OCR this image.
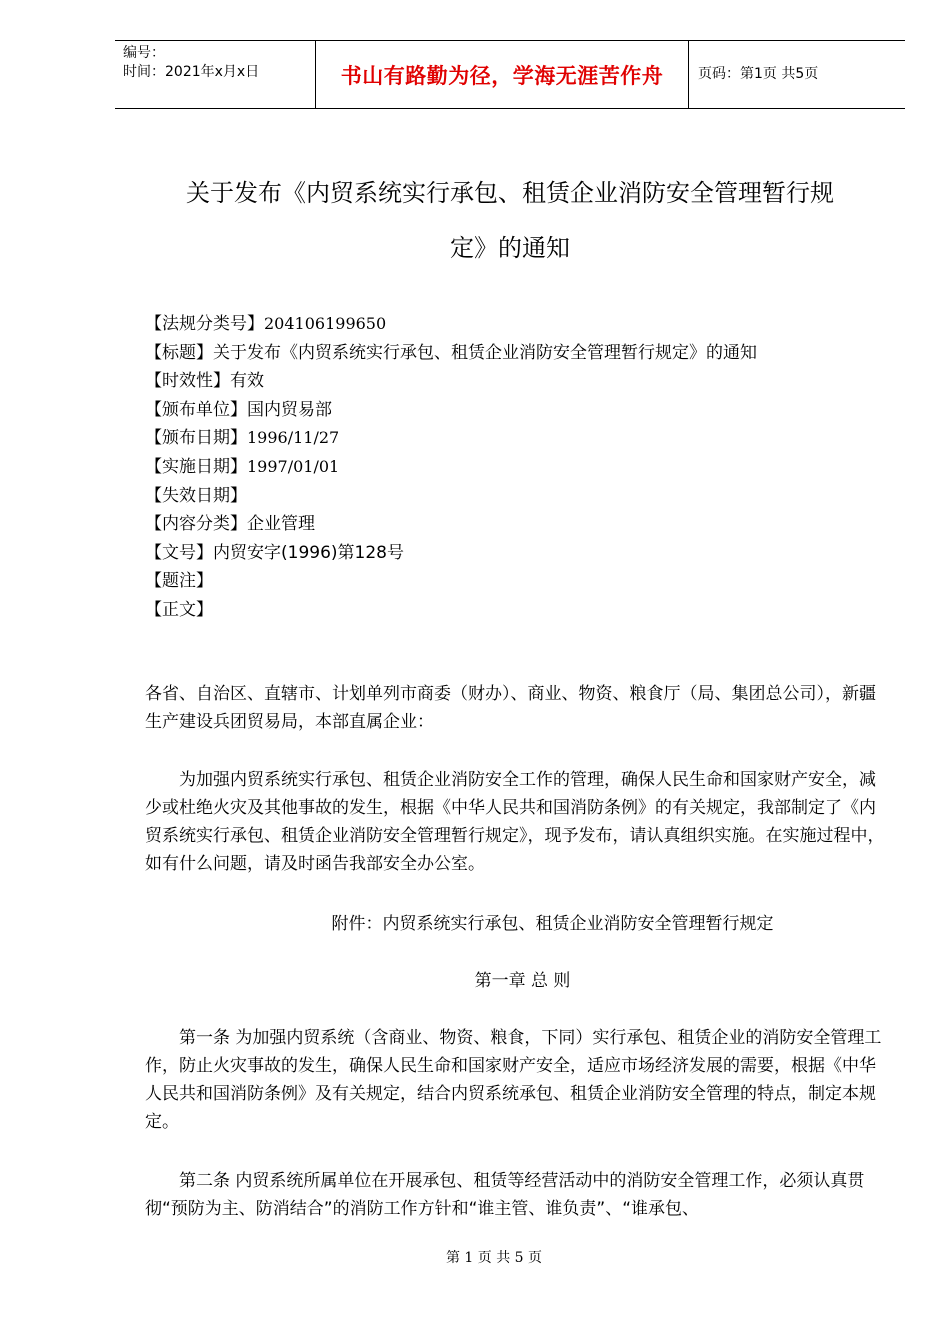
编号：
时间：2021年x月x日	书山有路勤为径，学海无涯苦作舟	页码：第1页 共5页
关于发布《内贸系统实行承包、租赁企业消防安全管理暂行规
定》的通知
【法规分类号】204106199650
【标题】关于发布《内贸系统实行承包、租赁企业消防安全管理暂行规定》的通知
【时效性】有效
【颁布单位】国内贸易部
【颁布日期】1996/11/27
【实施日期】1997/01/01
【失效日期】
【内容分类】企业管理
【文号】内贸安字(1996)第128号
【题注】
【正文】
各省、自治区、直辖市、计划单列市商委（财办）、商业、物资、粮食厅（局、集团总公司），新疆生产建设兵团贸易局，本部直属企业：
为加强内贸系统实行承包、租赁企业消防安全工作的管理，确保人民生命和国家财产安全，减少或杜绝火灾及其他事故的发生，根据《中华人民共和国消防条例》的有关规定，我部制定了《内贸系统实行承包、租赁企业消防安全管理暂行规定》，现予发布，请认真组织实施。在实施过程中，如有什么问题，请及时函告我部安全办公室。
附件：内贸系统实行承包、租赁企业消防安全管理暂行规定
第一章 总 则
第一条 为加强内贸系统（含商业、物资、粮食，下同）实行承包、租赁企业的消防安全管理工作，防止火灾事故的发生，确保人民生命和国家财产安全，适应市场经济发展的需要，根据《中华人民共和国消防条例》及有关规定，结合内贸系统承包、租赁企业消防安全管理的特点，制定本规定。
第二条 内贸系统所属单位在开展承包、租赁等经营活动中的消防安全管理工作，必须认真贯彻“预防为主、防消结合”的消防工作方针和“谁主管、谁负责”、“谁承包、
第 1 页 共 5 页
